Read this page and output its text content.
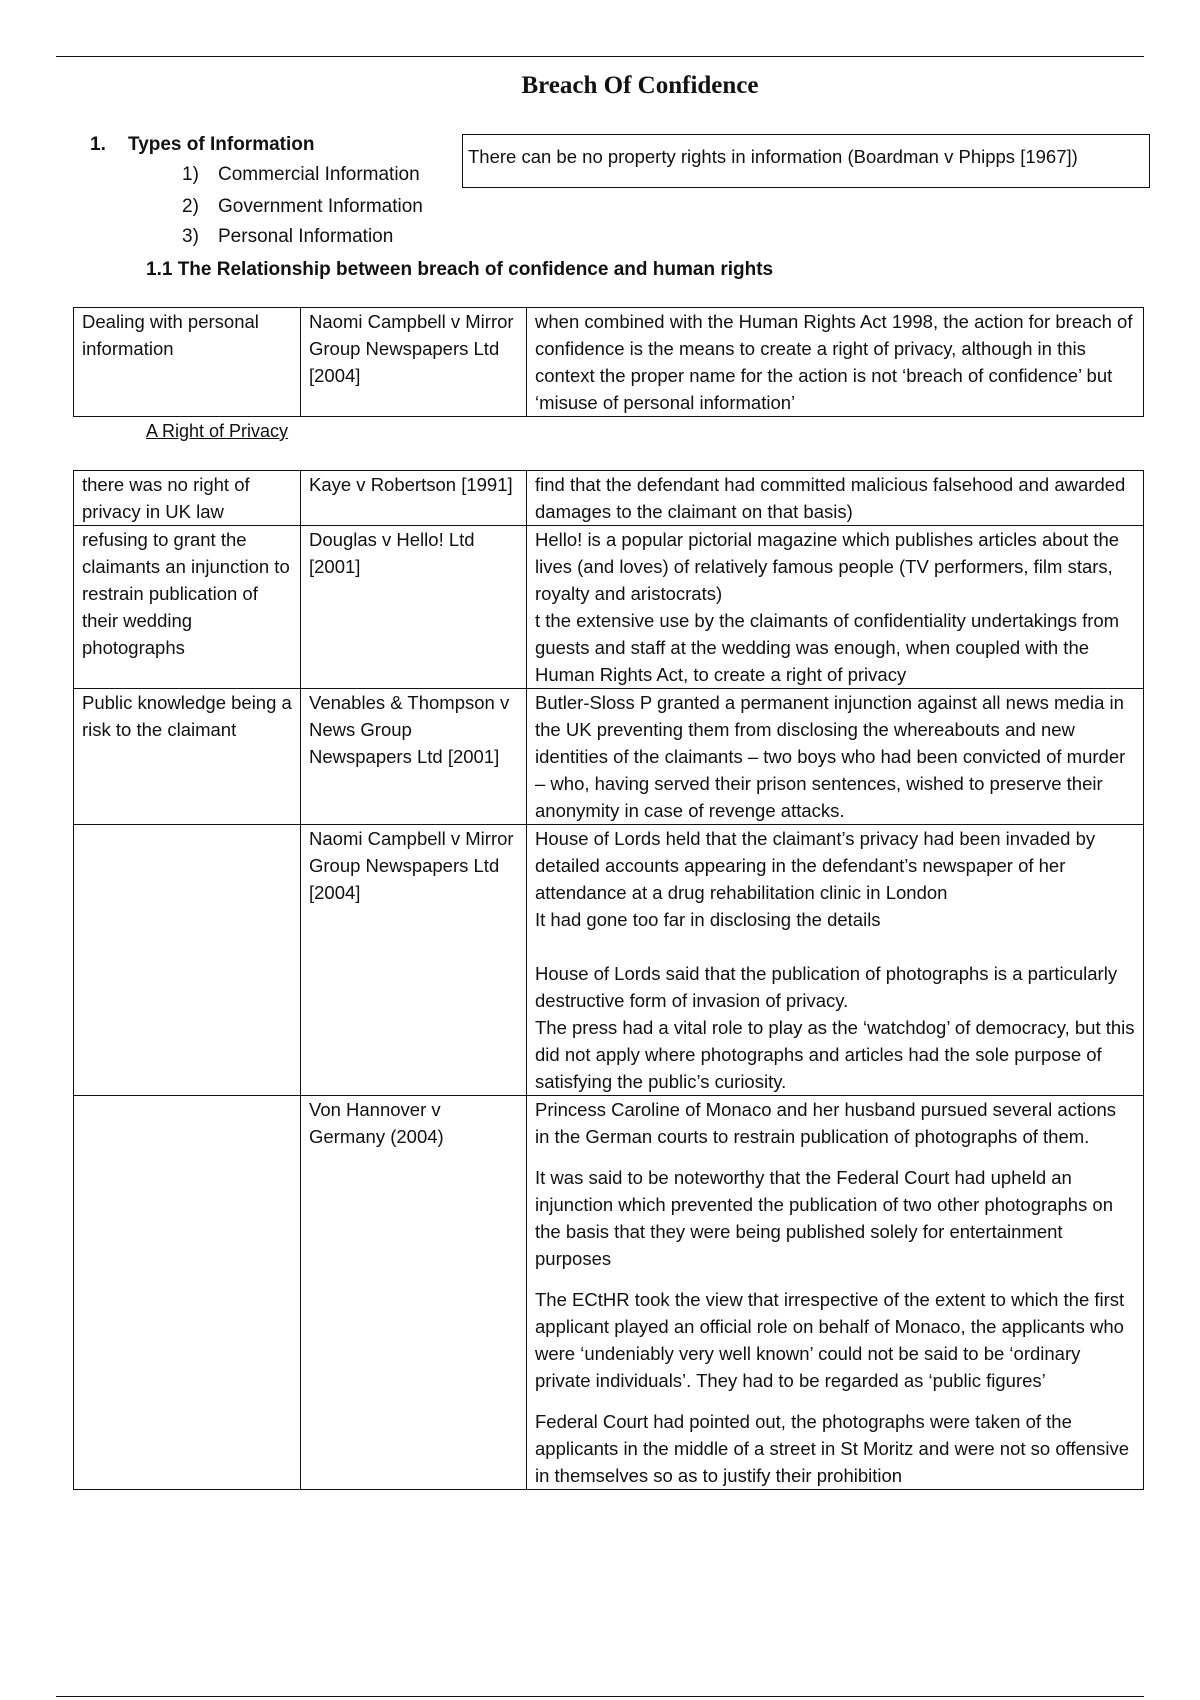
Breach Of Confidence
1. Types of Information
There can be no property rights in information (Boardman v Phipps [1967])
1) Commercial Information
2) Government Information
3) Personal Information
1.1 The Relationship between breach of confidence and human rights
Dealing with personal information	Naomi Campbell v Mirror Group Newspapers Ltd [2004]	when combined with the Human Rights Act 1998, the action for breach of confidence is the means to create a right of privacy, although in this context the proper name for the action is not ‘breach of confidence’ but ‘misuse of personal information’
A Right of Privacy
there was no right of privacy in UK law	Kaye v Robertson [1991]	find that the defendant had committed malicious falsehood and awarded damages to the claimant on that basis)
refusing to grant the claimants an injunction to restrain publication of their wedding photographs	Douglas v Hello! Ltd [2001]	Hello! is a popular pictorial magazine which publishes articles about the lives (and loves) of relatively famous people (TV performers, film stars, royalty and aristocrats)

t the extensive use by the claimants of confidentiality undertakings from guests and staff at the wedding was enough, when coupled with the Human Rights Act, to create a right of privacy

Public knowledge being a risk to the claimant	Venables & Thompson v News Group Newspapers Ltd [2001]	Butler-Sloss P granted a permanent injunction against all news media in the UK preventing them from disclosing the whereabouts and new identities of the claimants – two boys who had been convicted of murder – who, having served their prison sentences, wished to preserve their anonymity in case of revenge attacks.
	Naomi Campbell v Mirror Group Newspapers Ltd [2004]	House of Lords held that the claimant’s privacy had been invaded by detailed accounts appearing in the defendant’s newspaper of her attendance at a drug rehabilitation clinic in London

It had gone too far in disclosing the details

House of Lords said that the publication of photographs is a particularly destructive form of invasion of privacy.

The press had a vital role to play as the ‘watchdog’ of democracy, but this did not apply where photographs and articles had the sole purpose of satisfying the public’s curiosity.

	Von Hannover v Germany (2004)	Princess Caroline of Monaco and her husband pursued several actions in the German courts to restrain publication of photographs of them.

It was said to be noteworthy that the Federal Court had upheld an injunction which prevented the publication of two other photographs on the basis that they were being published solely for entertainment purposes

The ECtHR took the view that irrespective of the extent to which the first applicant played an official role on behalf of Monaco, the applicants who were ‘undeniably very well known’ could not be said to be ‘ordinary private individuals’. They had to be regarded as ‘public figures’

Federal Court had pointed out, the photographs were taken of the applicants in the middle of a street in St Moritz and were not so offensive in themselves so as to justify their prohibition
